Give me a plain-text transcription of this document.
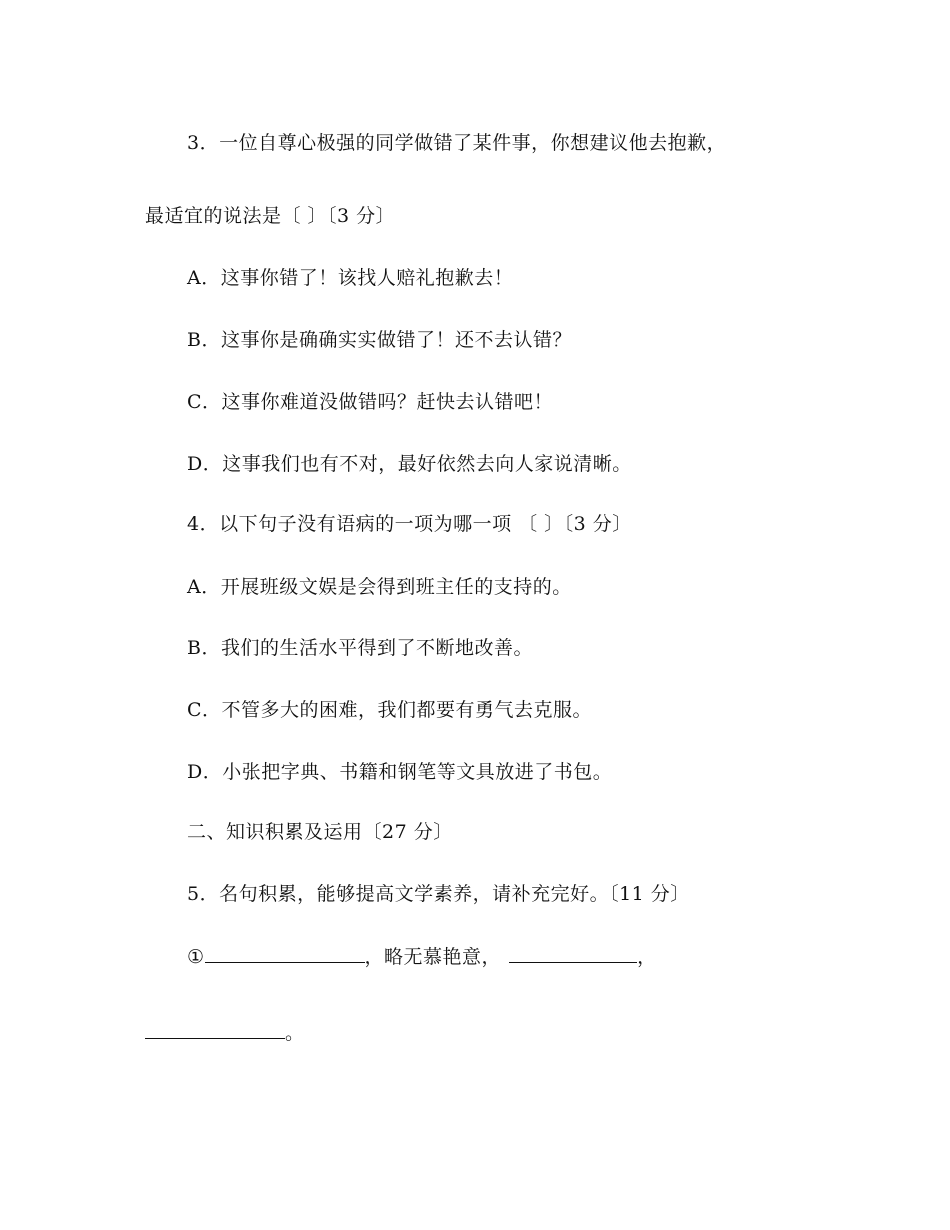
3．一位自尊心极强的同学做错了某件事，你想建议他去抱歉，
最适宜的说法是〔 〕〔3 分〕
A．这事你错了！该找人赔礼抱歉去！
B．这事你是确确实实做错了！还不去认错？
C．这事你难道没做错吗？赶快去认错吧！
D．这事我们也有不对，最好依然去向人家说清晰。
4．以下句子没有语病的一项为哪一项 〔 〕〔3 分〕
A．开展班级文娱是会得到班主任的支持的。
B．我们的生活水平得到了不断地改善。
C．不管多大的困难，我们都要有勇气去克服。
D．小张把字典、书籍和钢笔等文具放进了书包。
二、知识积累及运用〔27 分〕
5．名句积累，能够提高文学素养，请补充完好。〔11 分〕
①	，略无慕艳意，	，
。
